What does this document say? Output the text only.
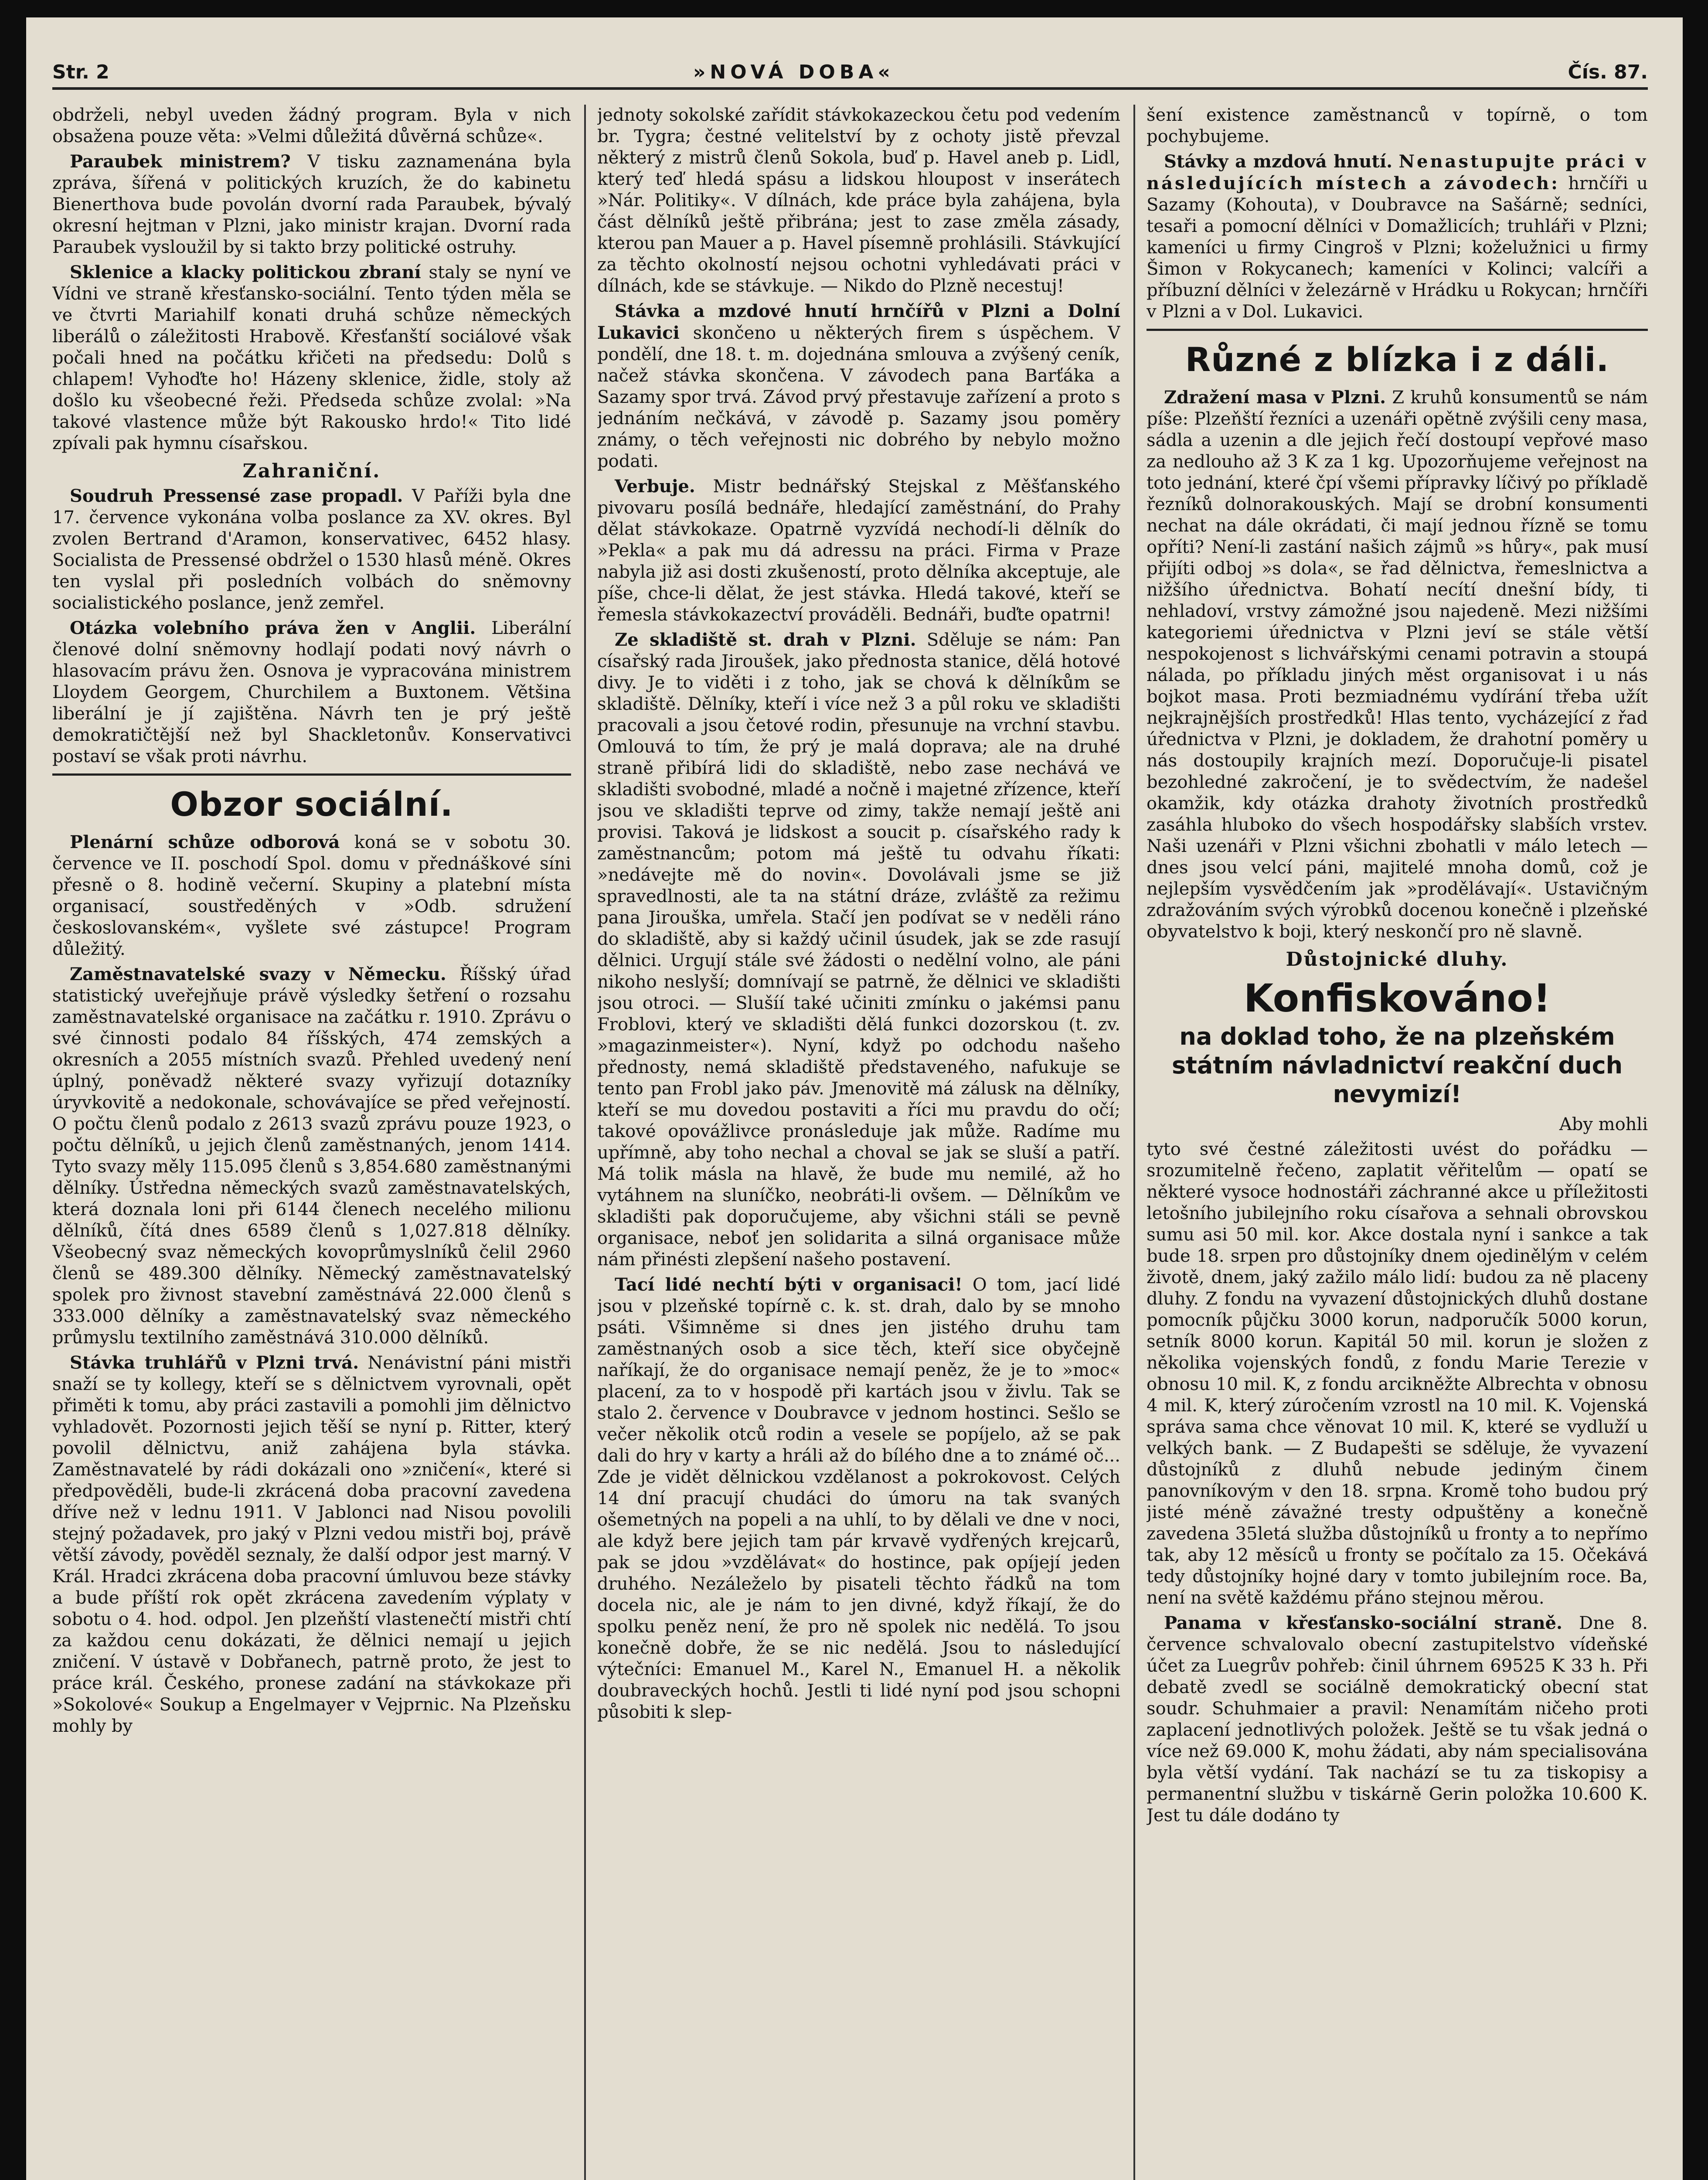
Str. 2	»NOVÁ DOBA«	Čís. 87.

obdrželi, nebyl uveden žádný program. Byla v nich obsažena pouze věta: »Velmi důležitá důvěrná schůze«.

Paraubek ministrem? V tisku zaznamenána byla zpráva, šířená v politických kruzích, že do kabinetu Bienerthova bude povolán dvorní rada Paraubek, bývalý okresní hejtman v Plzni, jako ministr krajan. Dvorní rada Paraubek vysloužil by si takto brzy politické ostruhy.

Sklenice a klacky politickou zbraní staly se nyní ve Vídni ve straně křesťansko-sociální. Tento týden měla se ve čtvrti Mariahilf konati druhá schůze německých liberálů o záležitosti Hrabově. Křesťanští sociálové však počali hned na počátku křičeti na předsedu: Dolů s chlapem! Vyhoďte ho! Házeny sklenice, židle, stoly až došlo ku všeobecné řeži. Předseda schůze zvolal: »Na takové vlastence může být Rakousko hrdo!« Tito lidé zpívali pak hymnu císařskou.

Zahraniční.

Soudruh Pressensé zase propadl. V Paříži byla dne 17. července vykonána volba poslance za XV. okres. Byl zvolen Bertrand d'Aramon, konservativec, 6452 hlasy. Socialista de Pressensé obdržel o 1530 hlasů méně. Okres ten vyslal při posledních volbách do sněmovny socialistického poslance, jenž zemřel.

Otázka volebního práva žen v Anglii. Liberální členové dolní sněmovny hodlají podati nový návrh o hlasovacím právu žen. Osnova je vypracována ministrem Lloydem Georgem, Churchilem a Buxtonem. Většina liberální je jí zajištěna. Návrh ten je prý ještě demokratičtější než byl Shackletonův. Konservativci postaví se však proti návrhu.

Obzor sociální.

Plenární schůze odborová koná se v sobotu 30. července ve II. poschodí Spol. domu v přednáškové síni přesně o 8. hodině večerní. Skupiny a platební místa organisací, soustředěných v »Odb. sdružení českoslovanském«, vyšlete své zástupce! Program důležitý.

Zaměstnavatelské svazy v Německu. Říšský úřad statistický uveřejňuje právě výsledky šetření o rozsahu zaměstnavatelské organisace na začátku r. 1910. Zprávu o své činnosti podalo 84 říšských, 474 zemských a okresních a 2055 místních svazů. Přehled uvedený není úplný, poněvadž některé svazy vyřizují dotazníky úryvkovitě a nedokonale, schovávajíce se před veřejností. O počtu členů podalo z 2613 svazů zprávu pouze 1923, o počtu dělníků, u jejich členů zaměstnaných, jenom 1414. Tyto svazy měly 115.095 členů s 3,854.680 zaměstnanými dělníky. Ústředna německých svazů zaměstnavatelských, která doznala loni při 6144 členech necelého milionu dělníků, čítá dnes 6589 členů s 1,027.818 dělníky. Všeobecný svaz německých kovoprůmyslníků čelil 2960 členů se 489.300 dělníky. Německý zaměstnavatelský spolek pro živnost stavební zaměstnává 22.000 členů s 333.000 dělníky a zaměstnavatelský svaz německého průmyslu textilního zaměstnává 310.000 dělníků.

Stávka truhlářů v Plzni trvá. Nenávistní páni mistři snaží se ty kollegy, kteří se s dělnictvem vyrovnali, opět přiměti k tomu, aby práci zastavili a pomohli jim dělnictvo vyhladovět. Pozornosti jejich těší se nyní p. Ritter, který povolil dělnictvu, aniž zahájena byla stávka. Zaměstnavatelé by rádi dokázali ono »zničení«, které si předpověděli, bude-li zkrácená doba pracovní zavedena dříve než v lednu 1911. V Jablonci nad Nisou povolili stejný požadavek, pro jaký v Plzni vedou mistři boj, právě větší závody, pověděl seznaly, že další odpor jest marný. V Král. Hradci zkrácena doba pracovní úmluvou beze stávky a bude příští rok opět zkrácena zavedením výplaty v sobotu o 4. hod. odpol. Jen plzeňští vlastenečtí mistři chtí za každou cenu dokázati, že dělnici nemají u jejich zničení. V ústavě v Dobřanech, patrně proto, že jest to práce král. Českého, pronese zadání na stávkokaze při »Sokolové« Soukup a Engelmayer v Vejprnic. Na Plzeňsku mohly by

jednoty sokolské zařídit stávkokazeckou četu pod vedením br. Tygra; čestné velitelství by z ochoty jistě převzal některý z mistrů členů Sokola, buď p. Havel aneb p. Lidl, který teď hledá spásu a lidskou hloupost v inserátech »Nár. Politiky«. V dílnách, kde práce byla zahájena, byla část dělníků ještě přibrána; jest to zase změla zásady, kterou pan Mauer a p. Havel písemně prohlásili. Stávkující za těchto okolností nejsou ochotni vyhledávati práci v dílnách, kde se stávkuje. — Nikdo do Plzně necestuj!

Stávka a mzdové hnutí hrnčířů v Plzni a Dolní Lukavici skončeno u některých firem s úspěchem. V pondělí, dne 18. t. m. dojednána smlouva a zvýšený ceník, načež stávka skončena. V závodech pana Barťáka a Sazamy spor trvá. Závod prvý přestavuje zařízení a proto s jednáním nečkává, v závodě p. Sazamy jsou poměry známy, o těch veřejnosti nic dobrého by nebylo možno podati.

Verbuje. Mistr bednářský Stejskal z Měšťanského pivovaru posílá bednáře, hledající zaměstnání, do Prahy dělat stávkokaze. Opatrně vyzvídá nechodí-li dělník do »Pekla« a pak mu dá adressu na práci. Firma v Praze nabyla již asi dosti zkušeností, proto dělníka akceptuje, ale píše, chce-li dělat, že jest stávka. Hledá takové, kteří se řemesla stávkokazectví prováděli. Bednáři, buďte opatrni!

Ze skladiště st. drah v Plzni. Sděluje se nám: Pan císařský rada Jiroušek, jako přednosta stanice, dělá hotové divy. Je to viděti i z toho, jak se chová k dělníkům se skladiště. Dělníky, kteří i více než 3 a půl roku ve skladišti pracovali a jsou četové rodin, přesunuje na vrchní stavbu. Omlouvá to tím, že prý je malá doprava; ale na druhé straně přibírá lidi do skladiště, nebo zase nechává ve skladišti svobodné, mladé a nočně i majetné zřízence, kteří jsou ve skladišti teprve od zimy, takže nemají ještě ani provisi. Taková je lidskost a soucit p. císařského rady k zaměstnancům; potom má ještě tu odvahu říkati: »nedávejte mě do novin«. Dovolávali jsme se již spravedlnosti, ale ta na státní dráze, zvláště za režimu pana Jirouška, umřela. Stačí jen podívat se v neděli ráno do skladiště, aby si každý učinil úsudek, jak se zde rasují dělnici. Urgují stále své žádosti o nedělní volno, ale páni nikoho neslyší; domnívají se patrně, že dělnici ve skladišti jsou otroci. — Slušíí také učiniti zmínku o jakémsi panu Froblovi, který ve skladišti dělá funkci dozorskou (t. zv. »magazinmeister«). Nyní, když po odchodu našeho přednosty, nemá skladiště představeného, nafukuje se tento pan Frobl jako páv. Jmenovitě má zálusk na dělníky, kteří se mu dovedou postaviti a říci mu pravdu do očí; takové opovážlivce pronásleduje jak může. Radíme mu upřímně, aby toho nechal a choval se jak se sluší a patří. Má tolik másla na hlavě, že bude mu nemilé, až ho vytáhnem na sluníčko, neobráti-li ovšem. — Dělníkům ve skladišti pak doporučujeme, aby všichni stáli se pevně organisace, neboť jen solidarita a silná organisace může nám přinésti zlepšení našeho postavení.

Tací lidé nechtí býti v organisaci! O tom, jací lidé jsou v plzeňské topírně c. k. st. drah, dalo by se mnoho psáti. Všimněme si dnes jen jistého druhu tam zaměstnaných osob a sice těch, kteří sice obyčejně naříkají, že do organisace nemají peněz, že je to »moc« placení, za to v hospodě při kartách jsou v živlu. Tak se stalo 2. července v Doubravce v jednom hostinci. Sešlo se večer několik otců rodin a vesele se popíjelo, až se pak dali do hry v karty a hráli až do bílého dne a to známé oč... Zde je vidět dělnickou vzdělanost a pokrokovost. Celých 14 dní pracují chudáci do úmoru na tak svaných ošemetných na popeli a na uhlí, to by dělali ve dne v noci, ale když bere jejich tam pár krvavě vydřených krejcarů, pak se jdou »vzdělávat« do hostince, pak opíjejí jeden druhého. Nezáleželo by pisateli těchto řádků na tom docela nic, ale je nám to jen divné, když říkají, že do spolku peněz není, že pro ně spolek nic nedělá. To jsou konečně dobře, že se nic nedělá. Jsou to následující výtečníci: Emanuel M., Karel N., Emanuel H. a několik doubraveckých hochů. Jestli ti lidé nyní pod jsou schopni působiti k slep-

šení existence zaměstnanců v topírně, o tom pochybujeme.

Stávky a mzdová hnutí. Nenastupujte práci v následujících místech a závodech: hrnčíři u Sazamy (Kohouta), v Doubravce na Sašárně; sedníci, tesaři a pomocní dělníci v Domažlicích; truhláři v Plzni; kameníci u firmy Cingroš v Plzni; koželužnici u firmy Šimon v Rokycanech; kameníci v Kolinci; valcíři a příbuzní dělníci v železárně v Hrádku u Rokycan; hrnčíři v Plzni a v Dol. Lukavici.

Různé z blízka i z dáli.

Zdražení masa v Plzni. Z kruhů konsumentů se nám píše: Plzeňští řezníci a uzenáři opětně zvýšili ceny masa, sádla a uzenin a dle jejich řečí dostoupí vepřové maso za nedlouho až 3 K za 1 kg. Upozorňujeme veřejnost na toto jednání, které čpí všemi přípravky líčivý po příkladě řezníků dolnorakouských. Mají se drobní konsumenti nechat na dále okrádati, či mají jednou řízně se tomu opříti? Není-li zastání našich zájmů »s hůry«, pak musí přijíti odboj »s dola«, se řad dělnictva, řemeslnictva a nižšího úřednictva. Bohatí necítí dnešní bídy, ti nehladoví, vrstvy zámožné jsou najedeně. Mezi nižšími kategoriemi úřednictva v Plzni jeví se stále větší nespokojenost s lichvářskými cenami potravin a stoupá nálada, po příkladu jiných měst organisovat i u nás bojkot masa. Proti bezmiadnému vydírání třeba užít nejkrajnějších prostředků! Hlas tento, vycházející z řad úřednictva v Plzni, je dokladem, že drahotní poměry u nás dostoupily krajních mezí. Doporučuje-li pisatel bezohledné zakročení, je to svědectvím, že nadešel okamžik, kdy otázka drahoty životních prostředků zasáhla hluboko do všech hospodářsky slabších vrstev. Naši uzenáři v Plzni všichni zbohatli v málo letech — dnes jsou velcí páni, majitelé mnoha domů, což je nejlepším vysvědčením jak »prodělávají«. Ustavičným zdražováním svých výrobků docenou konečně i plzeňské obyvatelstvo k boji, který neskončí pro ně slavně.

Důstojnické dluhy.
Konfiskováno!
na doklad toho, že na plzeňském státním návladnictví reakční duch nevymizí!

Aby mohli

tyto své čestné záležitosti uvést do pořádku — srozumitelně řečeno, zaplatit věřitelům — opatí se některé vysoce hodnostáři záchranné akce u příležitosti letošního jubilejního roku císařova a sehnali obrovskou sumu asi 50 mil. kor. Akce dostala nyní i sankce a tak bude 18. srpen pro důstojníky dnem ojedinělým v celém životě, dnem, jaký zažilo málo lidí: budou za ně placeny dluhy. Z fondu na vyvazení důstojnických dluhů dostane pomocník půjčku 3000 korun, nadporučík 5000 korun, setník 8000 korun. Kapitál 50 mil. korun je složen z několika vojenských fondů, z fondu Marie Terezie v obnosu 10 mil. K, z fondu arcikněžte Albrechta v obnosu 4 mil. K, který zúročením vzrostl na 10 mil. K. Vojenská správa sama chce věnovat 10 mil. K, které se vydluží u velkých bank. — Z Budapešti se sděluje, že vyvazení důstojníků z dluhů nebude jediným činem panovníkovým v den 18. srpna. Kromě toho budou prý jisté méně závažné tresty odpuštěny a konečně zavedena 35letá služba důstojníků u fronty a to nepřímo tak, aby 12 měsíců u fronty se počítalo za 15. Očekává tedy důstojníky hojné dary v tomto jubilejním roce. Ba, není na světě každému přáno stejnou měrou.

Panama v křesťansko-sociální straně. Dne 8. července schvalovalo obecní zastupitelstvo vídeňské účet za Luegrův pohřeb: činil úhrnem 69525 K 33 h. Při debatě zvedl se sociálně demokratický obecní stat soudr. Schuhmaier a pravil: Nenamítám ničeho proti zaplacení jednotlivých položek. Ještě se tu však jedná o více než 69.000 K, mohu žádati, aby nám specialisována byla větší vydání. Tak nachází se tu za tiskopisy a permanentní službu v tiskárně Gerin položka 10.600 K. Jest tu dále dodáno ty
